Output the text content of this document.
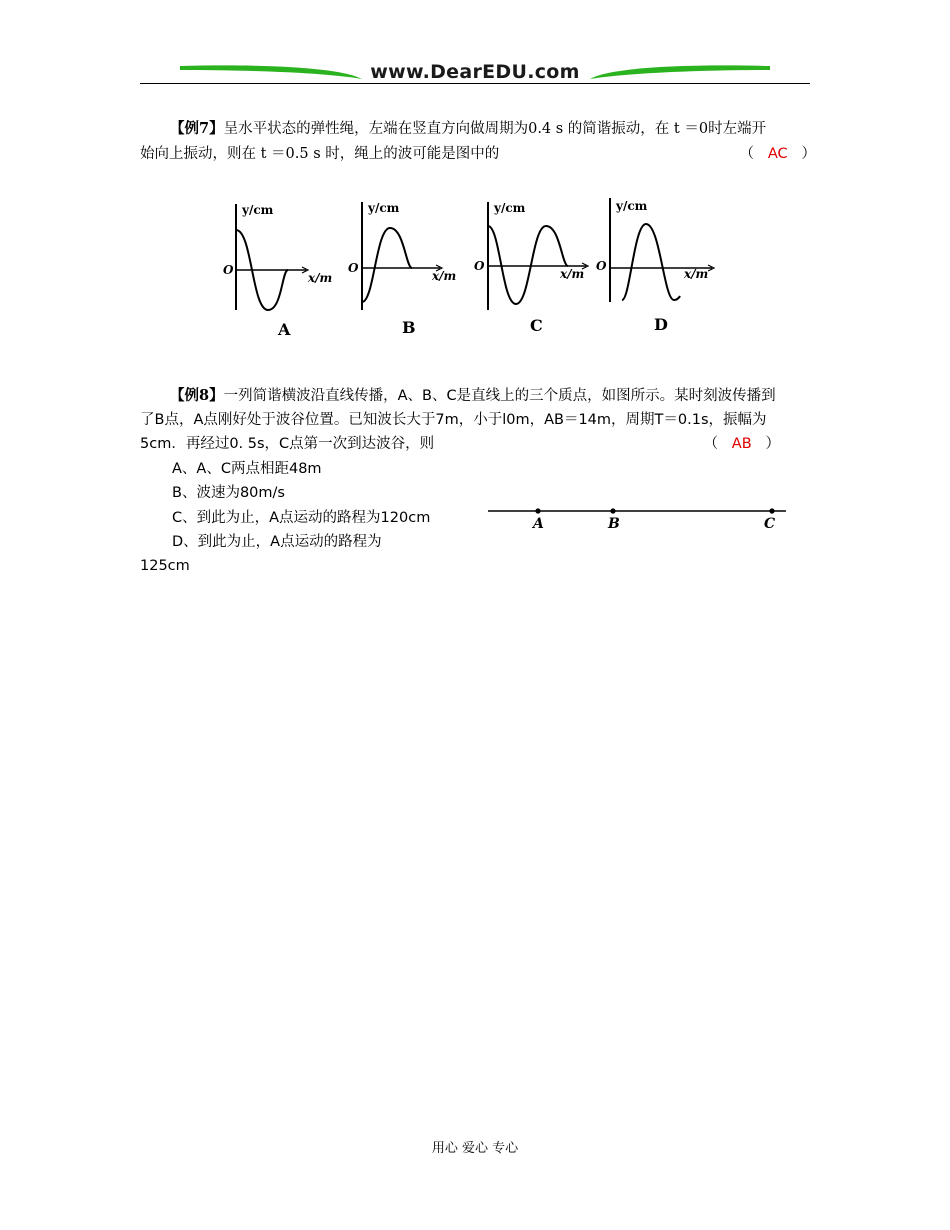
www.DearEDU.com
【例7】呈水平状态的弹性绳，左端在竖直方向做周期为0.4 s 的简谐振动，在 t ＝0时左端开
始向上振动，则在 t ＝0.5 s 时，绳上的波可能是图中的	（ AC ）
y/cm
O
x/m
A
y/cm
O
x/m
B
y/cm
O
x/m
C
y/cm
O
x/m
D
【例8】一列简谐横波沿直线传播，A、B、C是直线上的三个质点，如图所示。某时刻波传播到
了B点，A点刚好处于波谷位置。已知波长大于7m，小于l0m，AB＝14m，周期T＝0.1s，振幅为
5cm．再经过0. 5s，C点第一次到达波谷，则	（ AB ）
A、A、C两点相距48m
B、波速为80m/s
C、到此为止，A点运动的路程为120cm
D、到此为止，A点运动的路程为
125cm
A	B	C
用心 爱心 专心
